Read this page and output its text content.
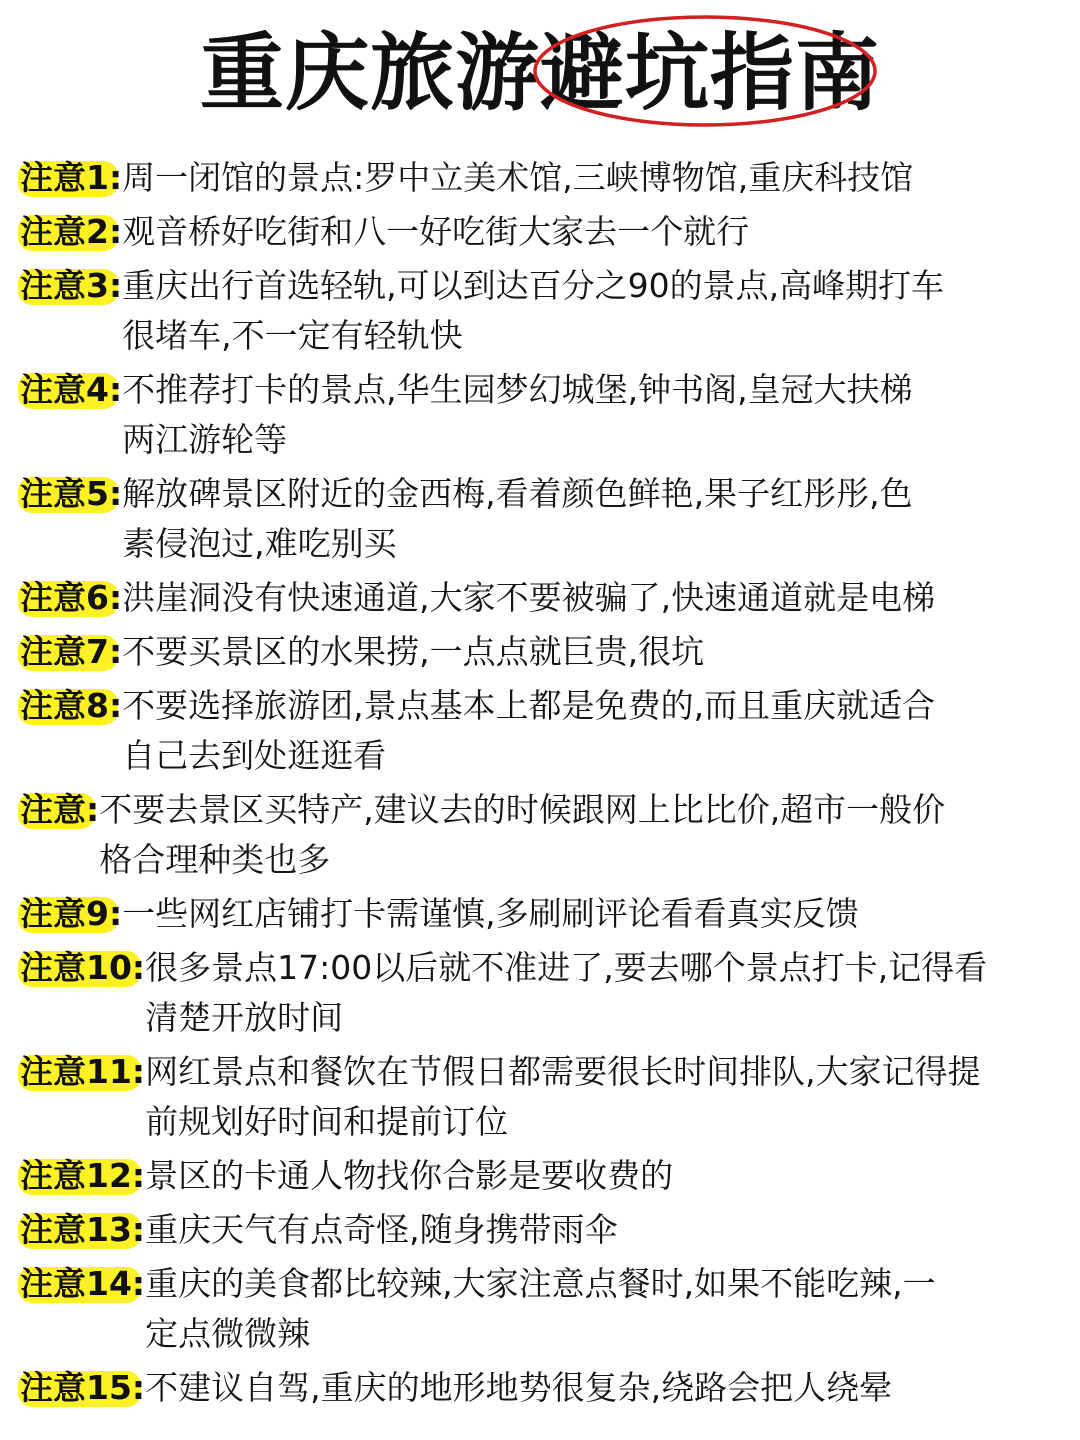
重庆旅游避坑指南
注意1: 周一闭馆的景点:罗中立美术馆,三峡博物馆,重庆科技馆
注意2: 观音桥好吃街和八一好吃街大家去一个就行
注意3: 重庆出行首选轻轨,可以到达百分之90的景点,高峰期打车
很堵车,不一定有轻轨快
注意4: 不推荐打卡的景点,华生园梦幻城堡,钟书阁,皇冠大扶梯
两江游轮等
注意5: 解放碑景区附近的金西梅,看着颜色鲜艳,果子红彤彤,色
素侵泡过,难吃别买
注意6: 洪崖洞没有快速通道,大家不要被骗了,快速通道就是电梯
注意7: 不要买景区的水果捞,一点点就巨贵,很坑
注意8: 不要选择旅游团,景点基本上都是免费的,而且重庆就适合
自己去到处逛逛看
注意: 不要去景区买特产,建议去的时候跟网上比比价,超市一般价
格合理种类也多
注意9: 一些网红店铺打卡需谨慎,多刷刷评论看看真实反馈
注意10: 很多景点17:00以后就不准进了,要去哪个景点打卡,记得看
清楚开放时间
注意11: 网红景点和餐饮在节假日都需要很长时间排队,大家记得提
前规划好时间和提前订位
注意12: 景区的卡通人物找你合影是要收费的
注意13: 重庆天气有点奇怪,随身携带雨伞
注意14: 重庆的美食都比较辣,大家注意点餐时,如果不能吃辣,一
定点微微辣
注意15: 不建议自驾,重庆的地形地势很复杂,绕路会把人绕晕
